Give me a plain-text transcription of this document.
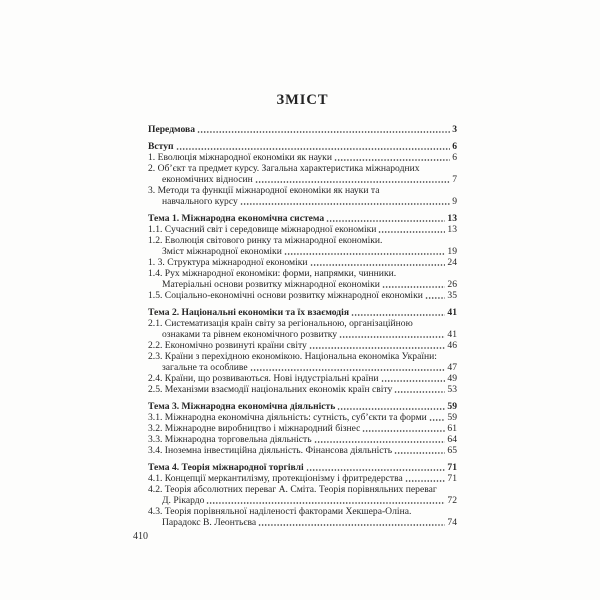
ЗМІСТ
Передмова	3
Вступ	6
1. Еволюція міжнародної економіки як науки	6
2. Об’єкт та предмет курсу. Загальна характеристика міжнародних
економічних відносин	7
3. Методи та функції міжнародної економіки як науки та
навчального курсу	9
Тема 1. Міжнародна економічна система	13
1.1. Сучасний світ і середовище міжнародної економіки	13
1.2. Еволюція світового ринку та міжнародної економіки.
Зміст міжнародної економіки	19
1. 3. Структура міжнародної економіки	24
1.4. Рух міжнародної економіки: форми, напрямки, чинники.
Матеріальні основи розвитку міжнародної економіки	26
1.5. Соціально-економічні основи розвитку міжнародної економіки	35
Тема 2. Національні економіки та їх взаємодія	41
2.1. Систематизація країн світу за регіональною, організаційною
ознаками та рівнем економічного розвитку	41
2.2. Економічно розвинуті країни світу	46
2.3. Країни з перехідною економікою. Національна економіка України:
загальне та особливе	47
2.4. Країни, що розвиваються. Нові індустріальні країни	49
2.5. Механізми взаємодії національних економік країн світу	53
Тема 3. Міжнародна економічна діяльність	59
3.1. Міжнародна економічна діяльність: сутність, суб’єкти та форми 59
3.2. Міжнародне виробництво і міжнародний бізнес	61
3.3. Міжнародна торговельна діяльність	64
3.4. Іноземна інвестиційна діяльність. Фінансова діяльність	65
Тема 4. Теорія міжнародної торгівлі	71
4.1. Концепції меркантилізму, протекціонізму і фритредерства	71
4.2. Теорія абсолютних переваг А. Сміта. Теорія порівняльних переваг
Д. Рікардо	72
4.3. Теорія порівняльної наділеності факторами Хекшера-Оліна.
Парадокс В. Леонтьєва	74
410
